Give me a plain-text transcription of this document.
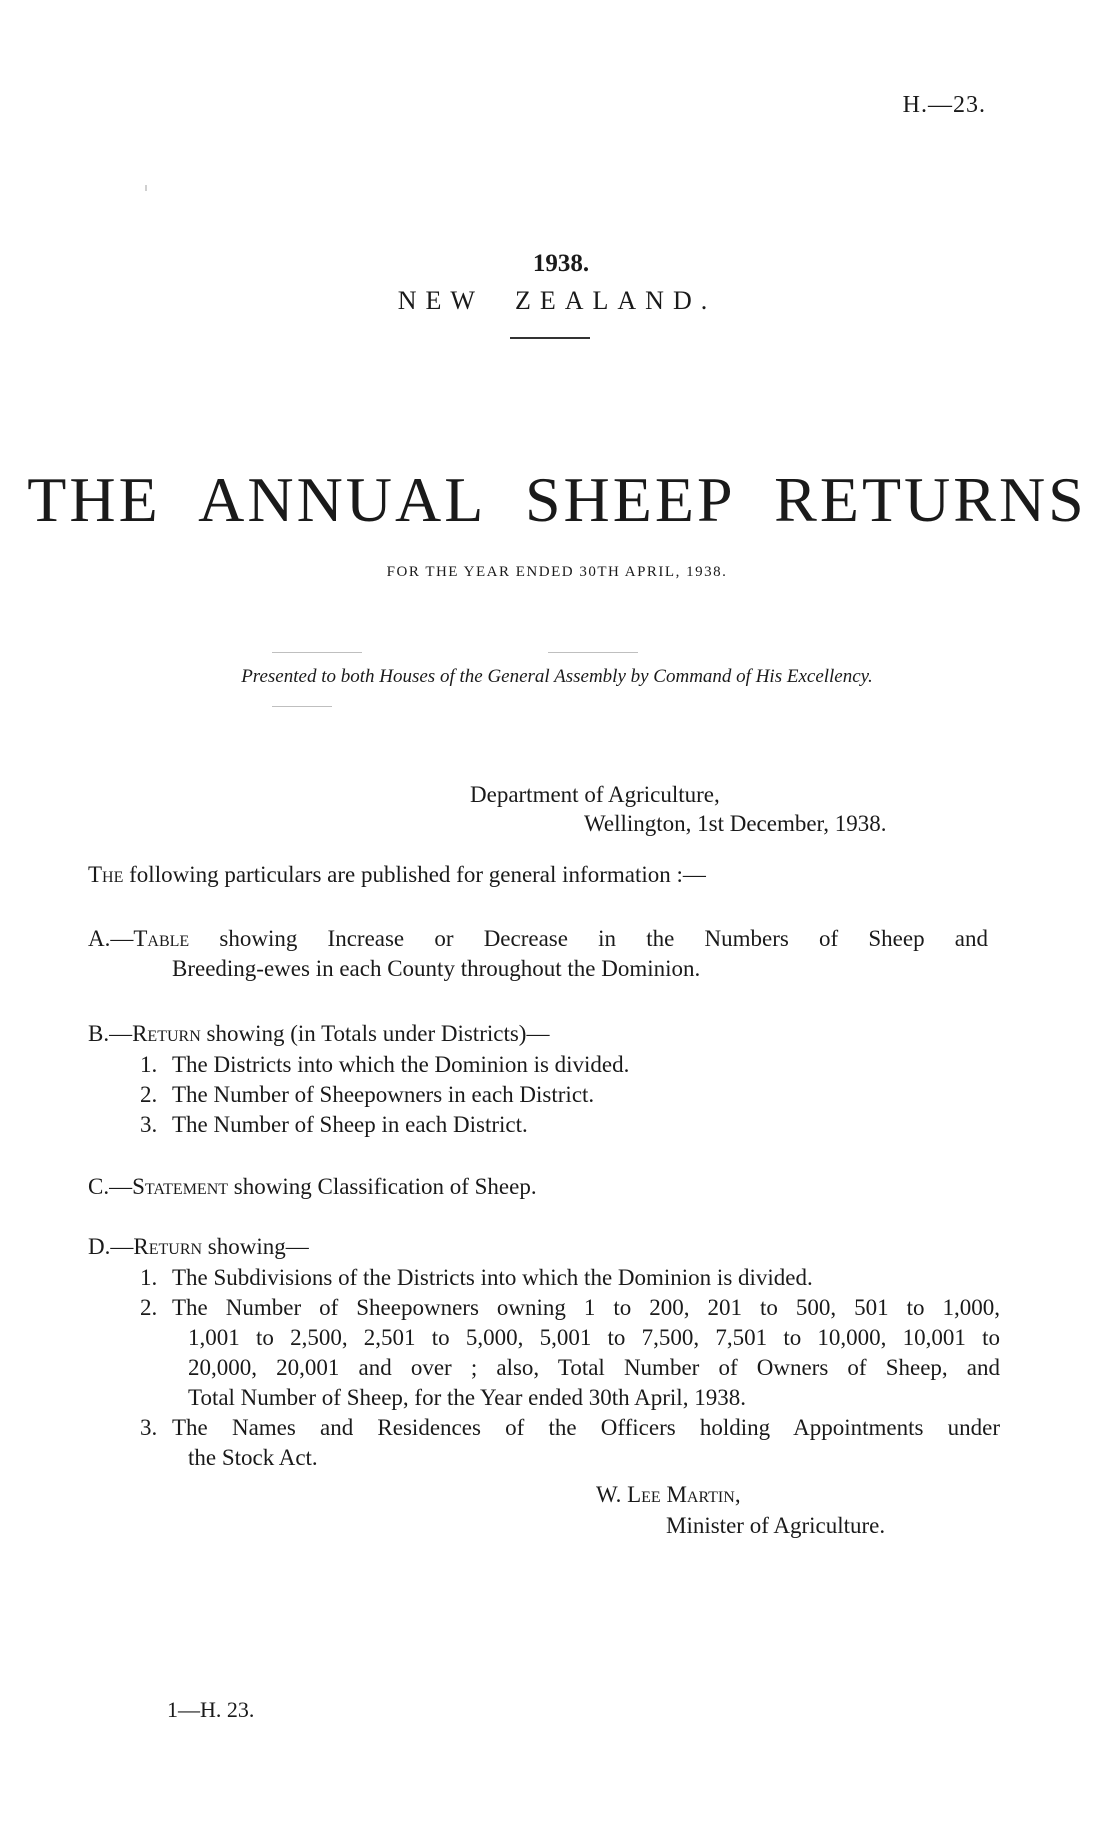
H.—23.
1938.
NEW ZEALAND.
THE ANNUAL SHEEP RETURNS
FOR THE YEAR ENDED 30TH APRIL, 1938.
Presented to both Houses of the General Assembly by Command of His Excellency.
Department of Agriculture,
Wellington, 1st December, 1938.
The following particulars are published for general information :—
A.—Table showing Increase or Decrease in the Numbers of Sheep and
Breeding-ewes in each County throughout the Dominion.
B.—Return showing (in Totals under Districts)—
1. The Districts into which the Dominion is divided.
2. The Number of Sheepowners in each District.
3. The Number of Sheep in each District.
C.—Statement showing Classification of Sheep.
D.—Return showing—
1. The Subdivisions of the Districts into which the Dominion is divided.
2. The Number of Sheepowners owning 1 to 200, 201 to 500, 501 to 1,000,
1,001 to 2,500, 2,501 to 5,000, 5,001 to 7,500, 7,501 to 10,000, 10,001 to
20,000, 20,001 and over ; also, Total Number of Owners of Sheep, and
Total Number of Sheep, for the Year ended 30th April, 1938.
3. The Names and Residences of the Officers holding Appointments under
the Stock Act.
W. Lee Martin,
Minister of Agriculture.
1—H. 23.
